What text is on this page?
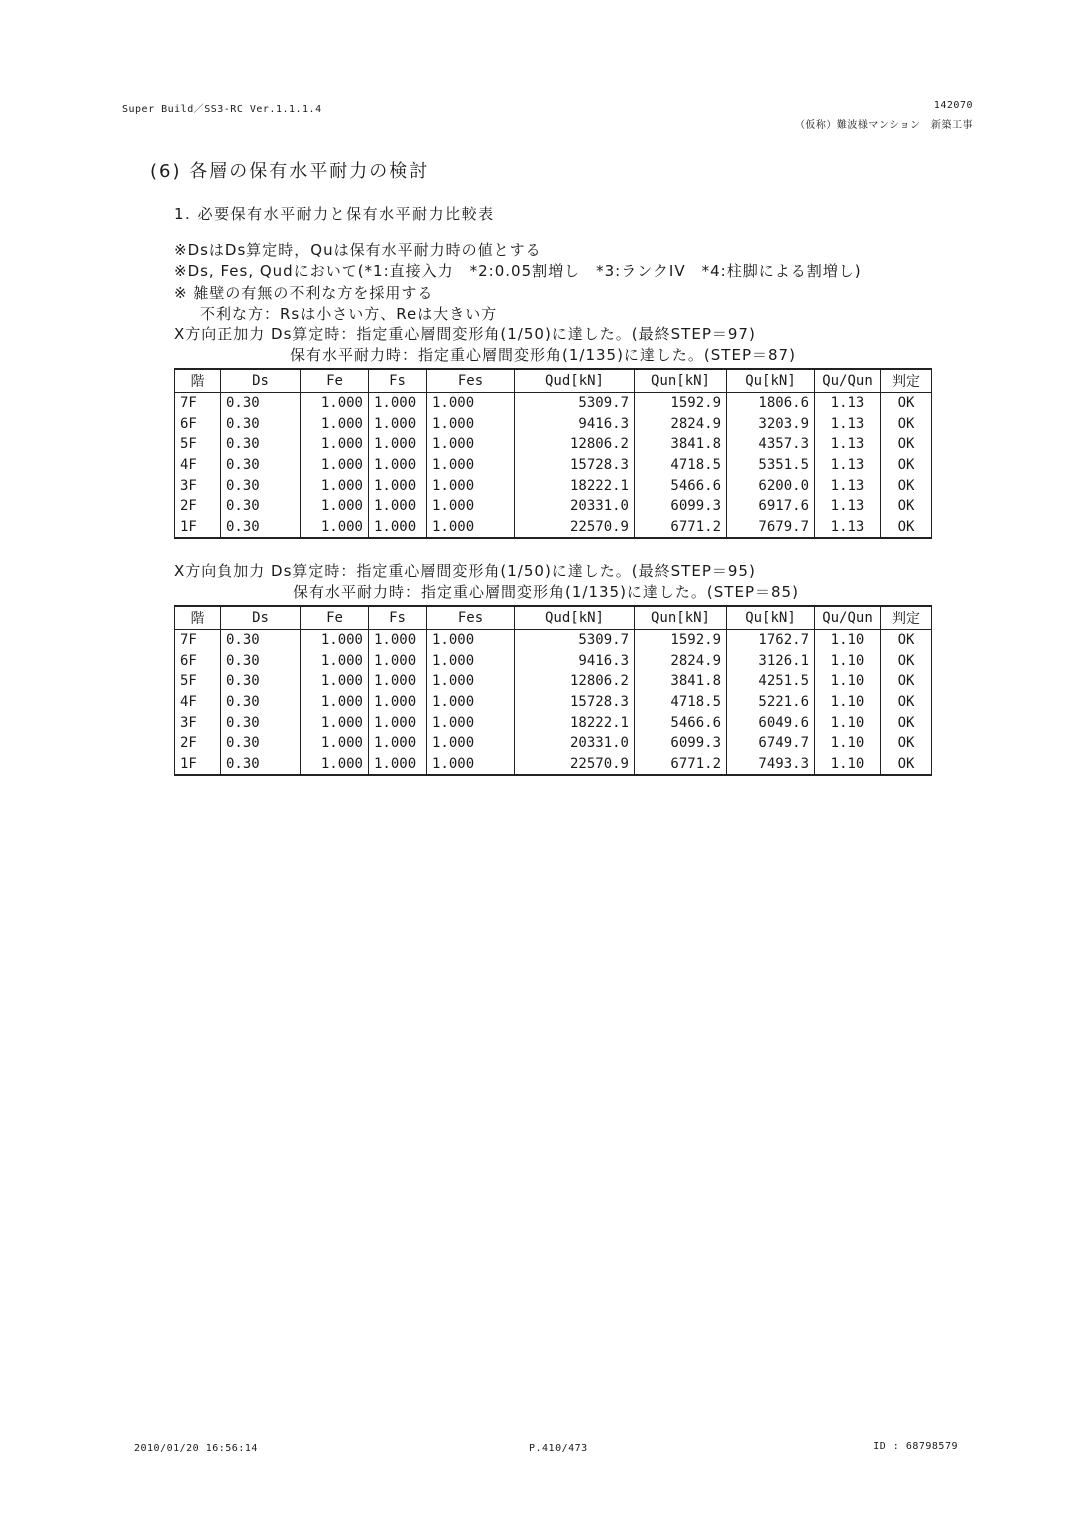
Super Build／SS3-RC Ver.1.1.1.4	142070
（仮称）難波様マンション　新築工事
(6) 各層の保有水平耐力の検討
1. 必要保有水平耐力と保有水平耐力比較表
※DsはDs算定時，Quは保有水平耐力時の値とする
※Ds, Fes, Qudにおいて(*1:直接入力　*2:0.05割増し　*3:ランクIV　*4:柱脚による割増し)
※ 雑壁の有無の不利な方を採用する
不利な方：Rsは小さい方、Reは大きい方
X方向正加力 Ds算定時：指定重心層間変形角(1/50)に達した。(最終STEP＝97)
保有水平耐力時：指定重心層間変形角(1/135)に達した。(STEP＝87)
階	Ds	Fe	Fs	Fes	Qud[kN]	Qun[kN]	Qu[kN]	Qu/Qun	判定
7F	0.30	1.000	1.000	1.000	5309.7	1592.9	1806.6	1.13	OK
6F	0.30	1.000	1.000	1.000	9416.3	2824.9	3203.9	1.13	OK
5F	0.30	1.000	1.000	1.000	12806.2	3841.8	4357.3	1.13	OK
4F	0.30	1.000	1.000	1.000	15728.3	4718.5	5351.5	1.13	OK
3F	0.30	1.000	1.000	1.000	18222.1	5466.6	6200.0	1.13	OK
2F	0.30	1.000	1.000	1.000	20331.0	6099.3	6917.6	1.13	OK
1F	0.30	1.000	1.000	1.000	22570.9	6771.2	7679.7	1.13	OK
X方向負加力 Ds算定時：指定重心層間変形角(1/50)に達した。(最終STEP＝95)
保有水平耐力時：指定重心層間変形角(1/135)に達した。(STEP＝85)
階	Ds	Fe	Fs	Fes	Qud[kN]	Qun[kN]	Qu[kN]	Qu/Qun	判定
7F	0.30	1.000	1.000	1.000	5309.7	1592.9	1762.7	1.10	OK
6F	0.30	1.000	1.000	1.000	9416.3	2824.9	3126.1	1.10	OK
5F	0.30	1.000	1.000	1.000	12806.2	3841.8	4251.5	1.10	OK
4F	0.30	1.000	1.000	1.000	15728.3	4718.5	5221.6	1.10	OK
3F	0.30	1.000	1.000	1.000	18222.1	5466.6	6049.6	1.10	OK
2F	0.30	1.000	1.000	1.000	20331.0	6099.3	6749.7	1.10	OK
1F	0.30	1.000	1.000	1.000	22570.9	6771.2	7493.3	1.10	OK
2010/01/20 16:56:14	P.410/473	ID : 68798579
